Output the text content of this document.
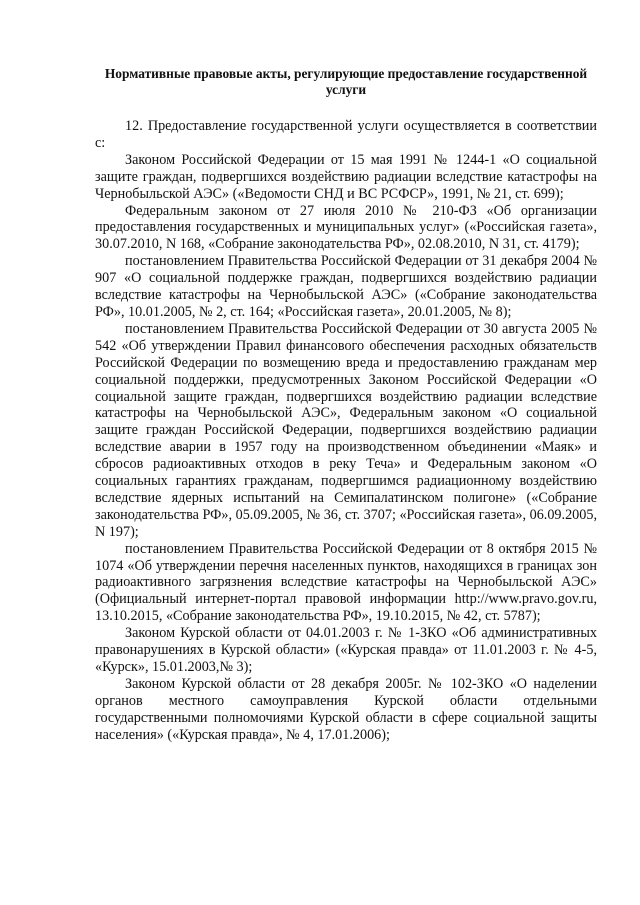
Нормативные правовые акты, регулирующие предоставление государственной услуги

12. Предоставление государственной услуги осуществляется в соответствии с:

Законом Российской Федерации от 15 мая 1991 № 1244-1 «О социальной защите граждан, подвергшихся воздействию радиации вследствие катастрофы на Чернобыльской АЭС» («Ведомости СНД и ВС РСФСР», 1991, № 21, ст. 699);

Федеральным законом от 27 июля 2010 № 210-ФЗ «Об организации предоставления государственных и муниципальных услуг» («Российская газета», 30.07.2010, N 168, «Собрание законодательства РФ», 02.08.2010, N 31, ст. 4179);

постановлением Правительства Российской Федерации от 31 декабря 2004 № 907 «О социальной поддержке граждан, подвергшихся воздействию радиации вследствие катастрофы на Чернобыльской АЭС» («Собрание законодательства РФ», 10.01.2005, № 2, ст. 164; «Российская газета», 20.01.2005, № 8);

постановлением Правительства Российской Федерации от 30 августа 2005 № 542 «Об утверждении Правил финансового обеспечения расходных обязательств Российской Федерации по возмещению вреда и предоставлению гражданам мер социальной поддержки, предусмотренных Законом Российской Федерации «О социальной защите граждан, подвергшихся воздействию радиации вследствие катастрофы на Чернобыльской АЭС», Федеральным законом «О социальной защите граждан Российской Федерации, подвергшихся воздействию радиации вследствие аварии в 1957 году на производственном объединении «Маяк» и сбросов радиоактивных отходов в реку Теча» и Федеральным законом «О социальных гарантиях гражданам, подвергшимся радиационному воздействию вследствие ядерных испытаний на Семипалатинском полигоне» («Собрание законодательства РФ», 05.09.2005, № 36, ст. 3707; «Российская газета», 06.09.2005, N 197);

постановлением Правительства Российской Федерации от 8 октября 2015 № 1074 «Об утверждении перечня населенных пунктов, находящихся в границах зон радиоактивного загрязнения вследствие катастрофы на Чернобыльской АЭС» (Официальный интернет-портал правовой информации http://www.pravo.gov.ru, 13.10.2015, «Собрание законодательства РФ», 19.10.2015, № 42, ст. 5787);

Законом Курской области от 04.01.2003 г. № 1-ЗКО «Об административных правонарушениях в Курской области» («Курская правда» от 11.01.2003 г. № 4-5, «Курск», 15.01.2003,№ 3);

Законом Курской области от 28 декабря 2005г. № 102-ЗКО «О наделении органов местного самоуправления Курской области отдельными государственными полномочиями Курской области в сфере социальной защиты населения» («Курская правда», № 4, 17.01.2006);
